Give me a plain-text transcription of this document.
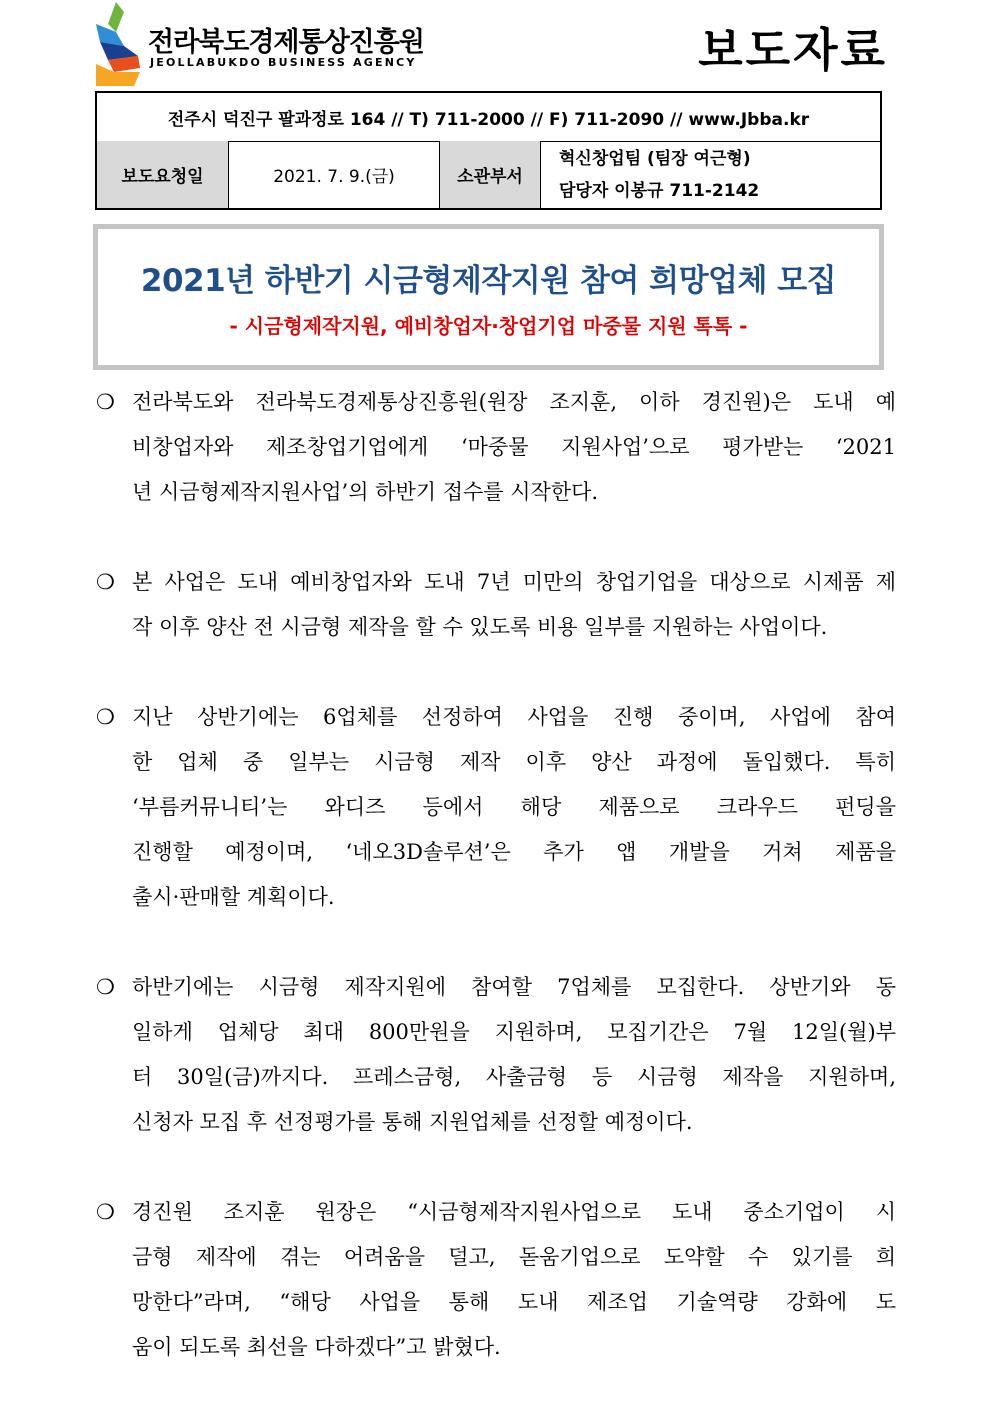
전라북도경제통상진흥원
JEOLLABUKDO BUSINESS AGENCY	보도자료
전주시 덕진구 팔과정로 164 // T) 711-2000 // F) 711-2090 // www.Jbba.kr
보도요청일	2021. 7. 9.(금)	소관부서
혁신창업팀 (팀장 여근형)
담당자 이봉규 711-2142
2021년 하반기 시금형제작지원 참여 희망업체 모집
- 시금형제작지원, 예비창업자·창업기업 마중물 지원 톡톡 -
❍ 전라북도와 전라북도경제통상진흥원(원장 조지훈, 이하 경진원)은 도내 예
비창업자와 제조창업기업에게 ‘마중물 지원사업’으로 평가받는 ‘2021
년 시금형제작지원사업’의 하반기 접수를 시작한다.
❍ 본 사업은 도내 예비창업자와 도내 7년 미만의 창업기업을 대상으로 시제품 제
작 이후 양산 전 시금형 제작을 할 수 있도록 비용 일부를 지원하는 사업이다.
❍ 지난 상반기에는 6업체를 선정하여 사업을 진행 중이며, 사업에 참여
한 업체 중 일부는 시금형 제작 이후 양산 과정에 돌입했다. 특히
‘부름커뮤니티’는 와디즈 등에서 해당 제품으로 크라우드 펀딩을
진행할 예정이며, ‘네오3D솔루션’은 추가 앱 개발을 거쳐 제품을
출시·판매할 계획이다.
❍ 하반기에는 시금형 제작지원에 참여할 7업체를 모집한다. 상반기와 동
일하게 업체당 최대 800만원을 지원하며, 모집기간은 7월 12일(월)부
터 30일(금)까지다. 프레스금형, 사출금형 등 시금형 제작을 지원하며,
신청자 모집 후 선정평가를 통해 지원업체를 선정할 예정이다.
❍ 경진원 조지훈 원장은 “시금형제작지원사업으로 도내 중소기업이 시
금형 제작에 겪는 어려움을 덜고, 돋움기업으로 도약할 수 있기를 희
망한다”라며, “해당 사업을 통해 도내 제조업 기술역량 강화에 도
움이 되도록 최선을 다하겠다”고 밝혔다.
